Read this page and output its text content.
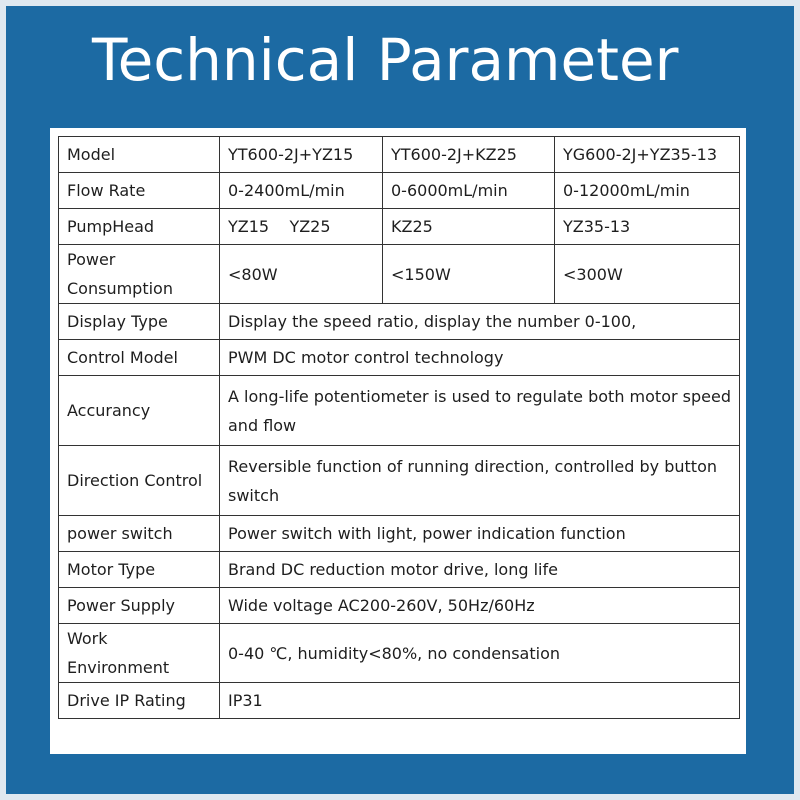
Technical Parameter
Model	YT600-2J+YZ15	YT600-2J+KZ25	YG600-2J+YZ35-13
Flow Rate	0-2400mL/min	0-6000mL/min	0-12000mL/min
PumpHead	YZ15    YZ25	KZ25	YZ35-13
Power Consumption	<80W	<150W	<300W
Display Type	Display the speed ratio, display the number 0-100,		
Control Model	PWM DC motor control technology		
Accurancy	A long-life potentiometer is used to regulate both motor speed and flow		
Direction Control	Reversible function of running direction, controlled by button switch		
power switch	Power switch with light, power indication function		
Motor Type	Brand DC reduction motor drive, long life		
Power Supply	Wide voltage AC200-260V, 50Hz/60Hz		
Work Environment	0-40 ℃, humidity<80%, no condensation		
Drive IP Rating	IP31		
